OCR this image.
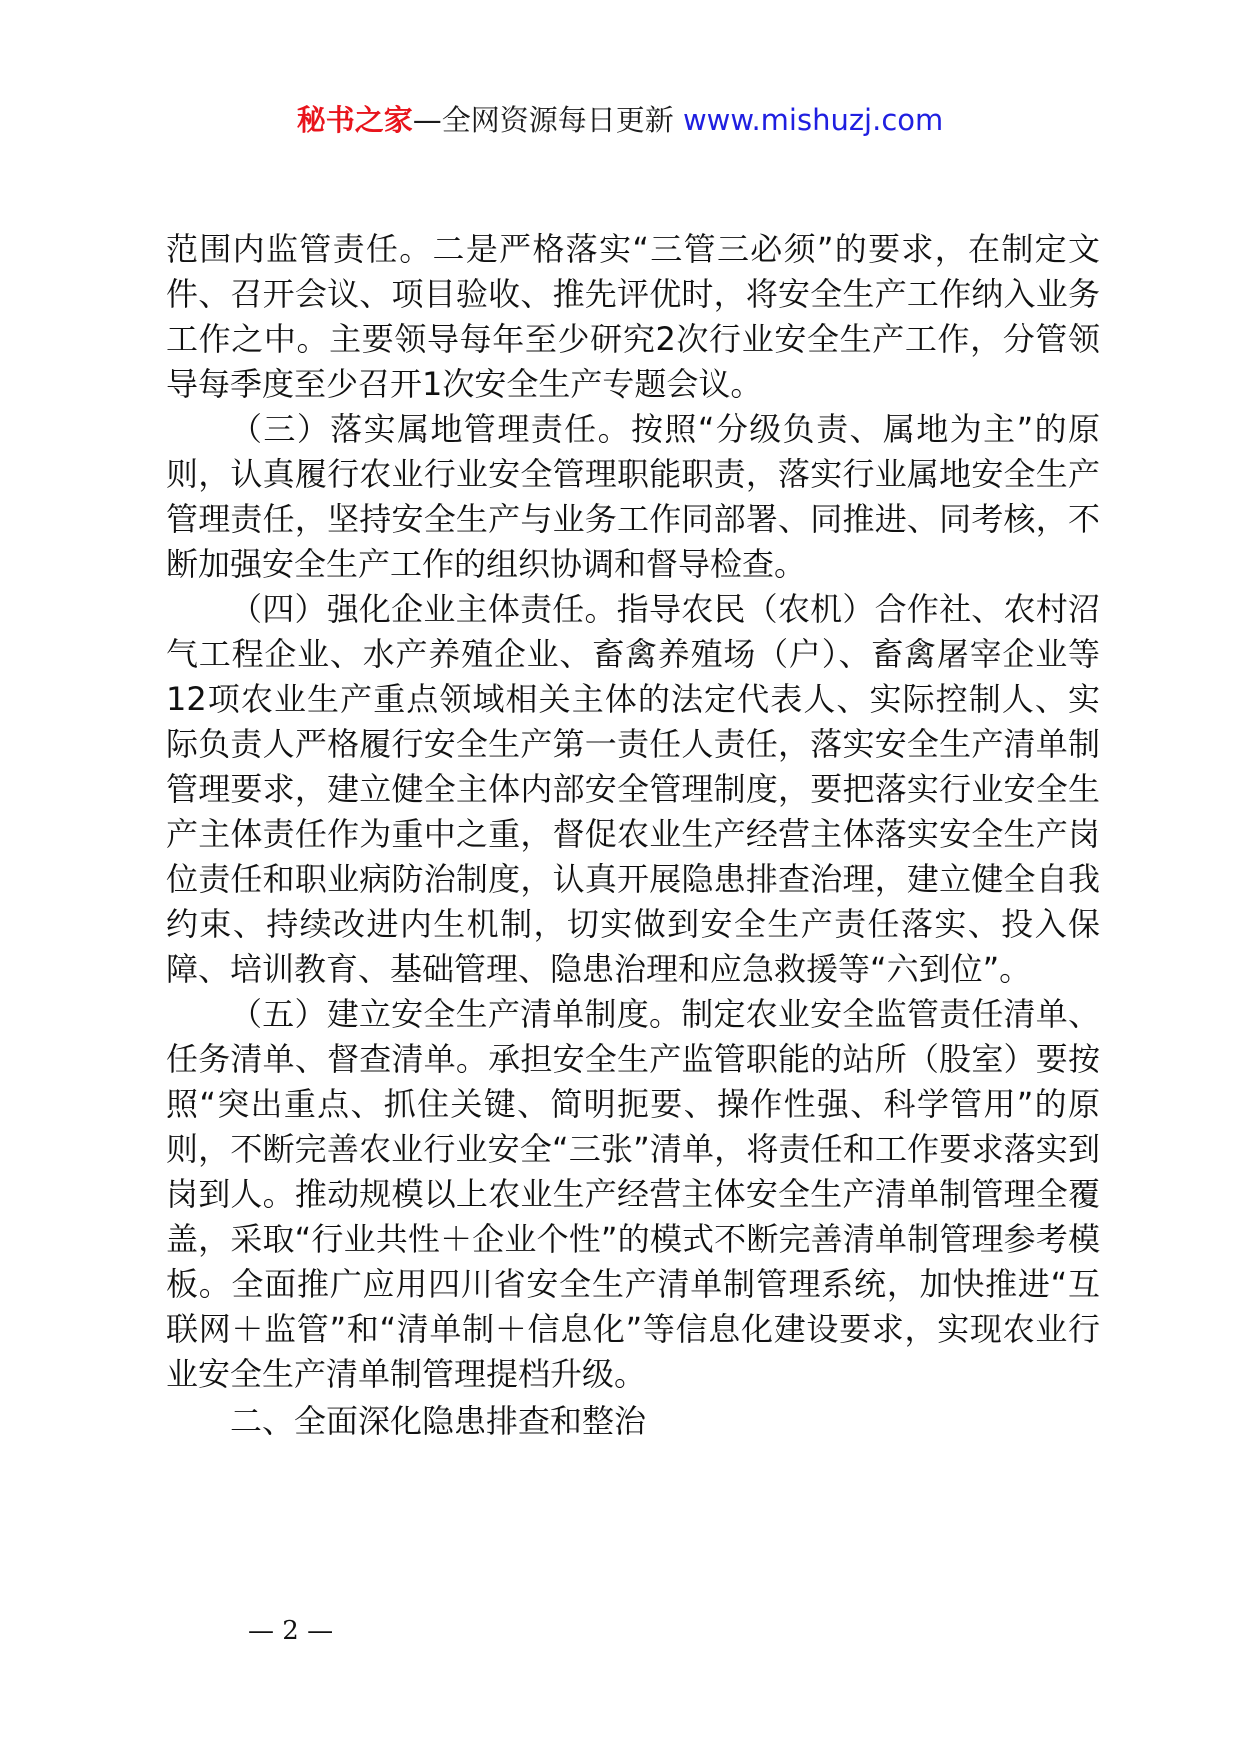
秘书之家—全网资源每日更新 www.mishuzj.com

范围内监管责任。二是严格落实“三管三必须”的要求，在制定文件、召开会议、项目验收、推先评优时，将安全生产工作纳入业务工作之中。主要领导每年至少研究2次行业安全生产工作，分管领导每季度至少召开1次安全生产专题会议。

（三）落实属地管理责任。按照“分级负责、属地为主”的原则，认真履行农业行业安全管理职能职责，落实行业属地安全生产管理责任，坚持安全生产与业务工作同部署、同推进、同考核，不断加强安全生产工作的组织协调和督导检查。

（四）强化企业主体责任。指导农民（农机）合作社、农村沼气工程企业、水产养殖企业、畜禽养殖场（户）、畜禽屠宰企业等12项农业生产重点领域相关主体的法定代表人、实际控制人、实际负责人严格履行安全生产第一责任人责任，落实安全生产清单制管理要求，建立健全主体内部安全管理制度，要把落实行业安全生产主体责任作为重中之重，督促农业生产经营主体落实安全生产岗位责任和职业病防治制度，认真开展隐患排查治理，建立健全自我约束、持续改进内生机制，切实做到安全生产责任落实、投入保障、培训教育、基础管理、隐患治理和应急救援等“六到位”。

（五）建立安全生产清单制度。制定农业安全监管责任清单、任务清单、督查清单。承担安全生产监管职能的站所（股室）要按照“突出重点、抓住关键、简明扼要、操作性强、科学管用”的原则，不断完善农业行业安全“三张”清单，将责任和工作要求落实到岗到人。推动规模以上农业生产经营主体安全生产清单制管理全覆盖，采取“行业共性＋企业个性”的模式不断完善清单制管理参考模板。全面推广应用四川省安全生产清单制管理系统，加快推进“互联网＋监管”和“清单制＋信息化”等信息化建设要求，实现农业行业安全生产清单制管理提档升级。

二、全面深化隐患排查和整治

— 2 —
